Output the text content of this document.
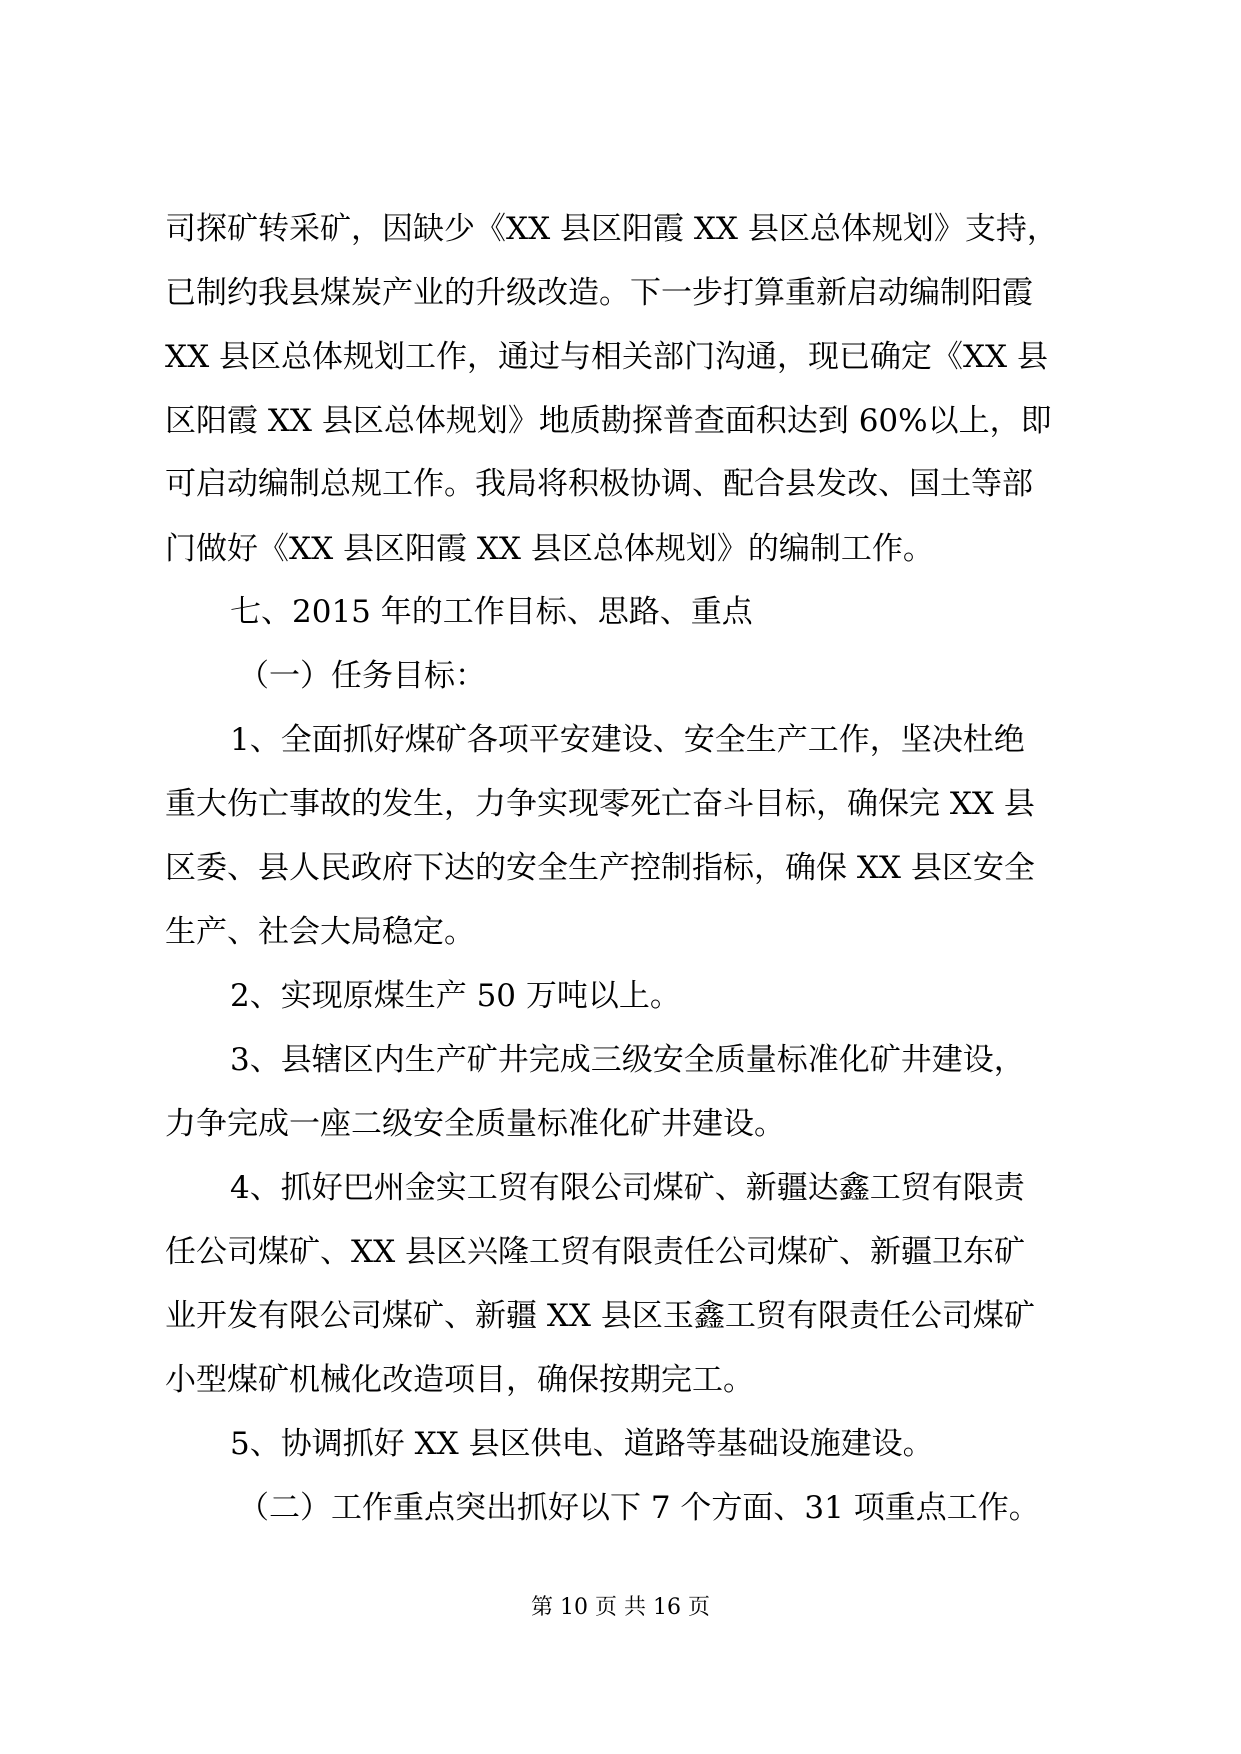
司探矿转采矿，因缺少《XX 县区阳霞 XX 县区总体规划》支持，
已制约我县煤炭产业的升级改造。下一步打算重新启动编制阳霞
XX 县区总体规划工作，通过与相关部门沟通，现已确定《XX 县
区阳霞 XX 县区总体规划》地质勘探普查面积达到 60%以上，即
可启动编制总规工作。我局将积极协调、配合县发改、国土等部
门做好《XX 县区阳霞 XX 县区总体规划》的编制工作。
七、2015 年的工作目标、思路、重点
（一）任务目标：
1、全面抓好煤矿各项平安建设、安全生产工作，坚决杜绝
重大伤亡事故的发生，力争实现零死亡奋斗目标，确保完 XX 县
区委、县人民政府下达的安全生产控制指标，确保 XX 县区安全
生产、社会大局稳定。
2、实现原煤生产 50 万吨以上。
3、县辖区内生产矿井完成三级安全质量标准化矿井建设，
力争完成一座二级安全质量标准化矿井建设。
4、抓好巴州金实工贸有限公司煤矿、新疆达鑫工贸有限责
任公司煤矿、XX 县区兴隆工贸有限责任公司煤矿、新疆卫东矿
业开发有限公司煤矿、新疆 XX 县区玉鑫工贸有限责任公司煤矿
小型煤矿机械化改造项目，确保按期完工。
5、协调抓好 XX 县区供电、道路等基础设施建设。
（二）工作重点突出抓好以下 7 个方面、31 项重点工作。
第 10 页 共 16 页
